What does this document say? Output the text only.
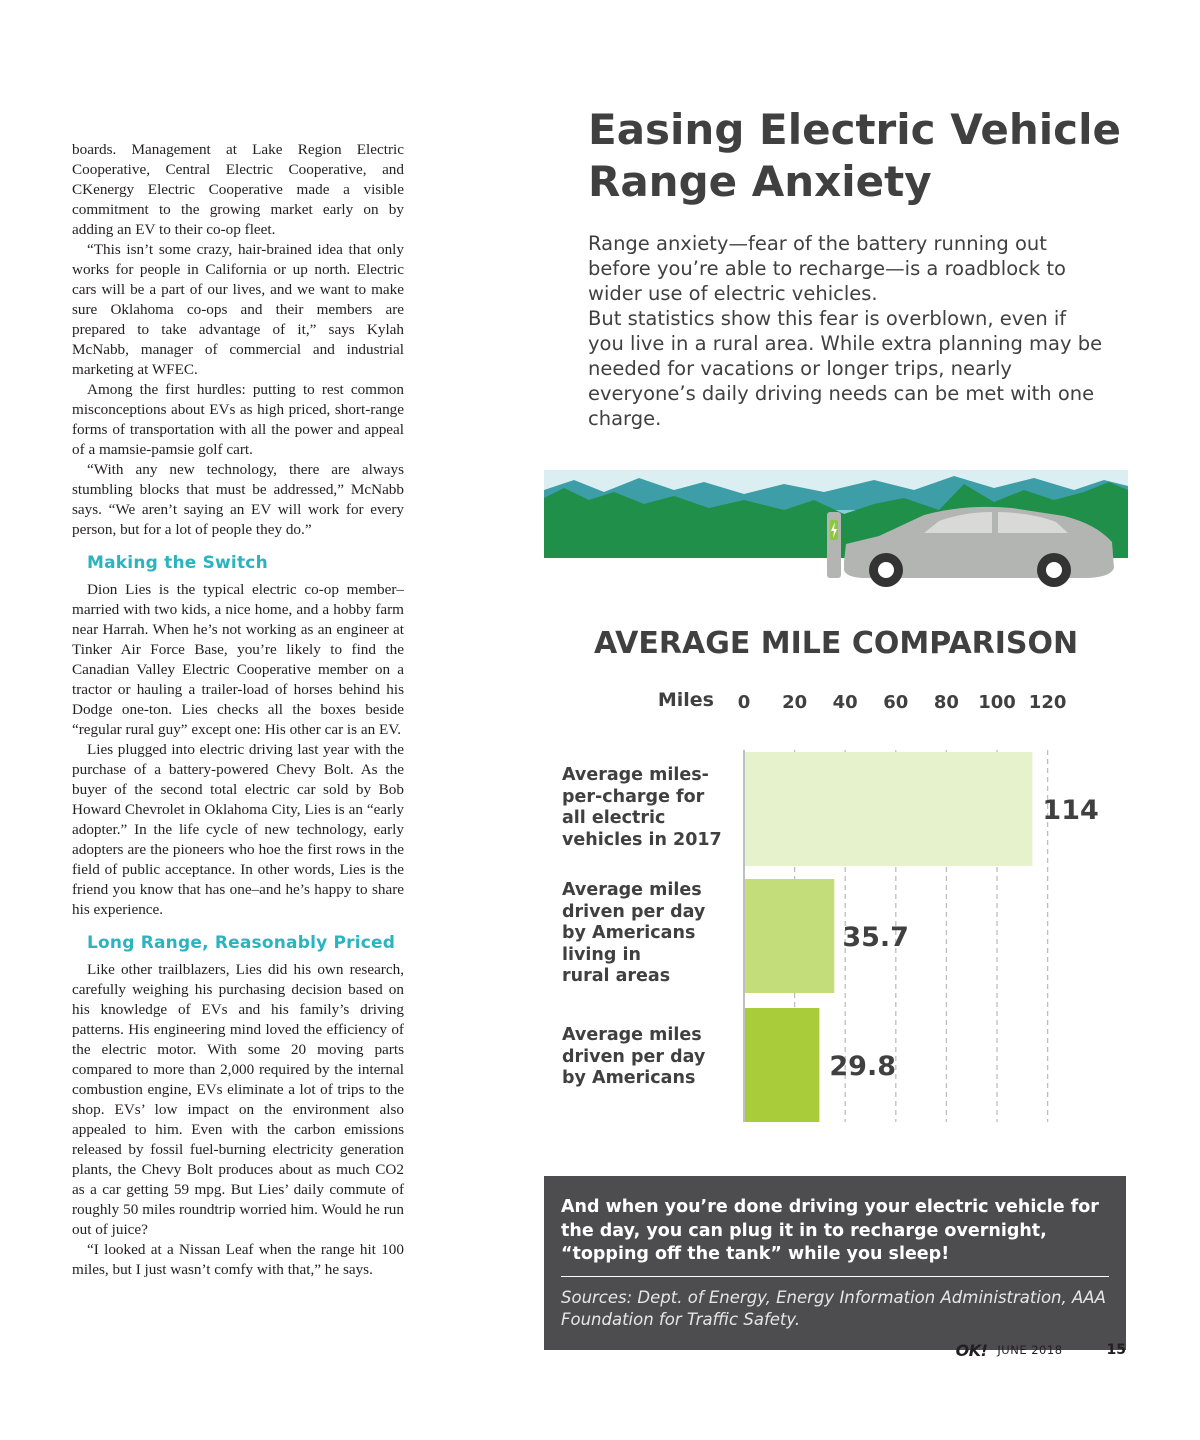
boards. Management at Lake Region Electric Cooperative, Central Electric Cooperative, and CKenergy Electric Cooperative made a visible commitment to the growing market early on by adding an EV to their co-op fleet.

“This isn’t some crazy, hair-brained idea that only works for people in California or up north. Electric cars will be a part of our lives, and we want to make sure Oklahoma co-ops and their members are prepared to take advantage of it,” says Kylah McNabb, manager of commercial and industrial marketing at WFEC.

Among the first hurdles: putting to rest common misconceptions about EVs as high priced, short-range forms of transportation with all the power and appeal of a mamsie-pamsie golf cart.

“With any new technology, there are always stumbling blocks that must be addressed,” McNabb says. “We aren’t saying an EV will work for every person, but for a lot of people they do.”

Making the Switch

Dion Lies is the typical electric co-op member–married with two kids, a nice home, and a hobby farm near Harrah. When he’s not working as an engineer at Tinker Air Force Base, you’re likely to find the Canadian Valley Electric Cooperative member on a tractor or hauling a trailer-load of horses behind his Dodge one-ton. Lies checks all the boxes beside “regular rural guy” except one: His other car is an EV.

Lies plugged into electric driving last year with the purchase of a battery-powered Chevy Bolt. As the buyer of the second total electric car sold by Bob Howard Chevrolet in Oklahoma City, Lies is an “early adopter.” In the life cycle of new technology, early adopters are the pioneers who hoe the first rows in the field of public acceptance. In other words, Lies is the friend you know that has one–and he’s happy to share his experience.

Long Range, Reasonably Priced

Like other trailblazers, Lies did his own research, carefully weighing his purchasing decision based on his knowledge of EVs and his family’s driving patterns. His engineering mind loved the efficiency of the electric motor. With some 20 moving parts compared to more than 2,000 required by the internal combustion engine, EVs eliminate a lot of trips to the shop. EVs’ low impact on the environment also appealed to him. Even with the carbon emissions released by fossil fuel-burning electricity generation plants, the Chevy Bolt produces about as much CO2 as a car getting 59 mpg. But Lies’ daily commute of roughly 50 miles roundtrip worried him. Would he run out of juice?

“I looked at a Nissan Leaf when the range hit 100 miles, but I just wasn’t comfy with that,” he says.

Easing Electric Vehicle
Range Anxiety
Range anxiety—fear of the battery running out before you’re able to recharge—is a roadblock to wider use of electric vehicles.
But statistics show this fear is overblown, even if you live in a rural area. While extra planning may be needed for vacations or longer trips, nearly everyone’s daily driving needs can be met with one charge.
AVERAGE MILE COMPARISON
Miles 0 20 40 60 80 100 120
114
35.7
29.8
Average miles-
per-charge for
all electric
vehicles in 2017
Average miles
driven per day
by Americans
living in
rural areas
Average miles
driven per day
by Americans
And when you’re done driving your electric vehicle for the day, you can plug it in to recharge overnight, “topping off the tank” while you sleep!
Sources: Dept. of Energy, Energy Information Administration, AAA Foundation for Traffic Safety.
OK! JUNE 2018	15
